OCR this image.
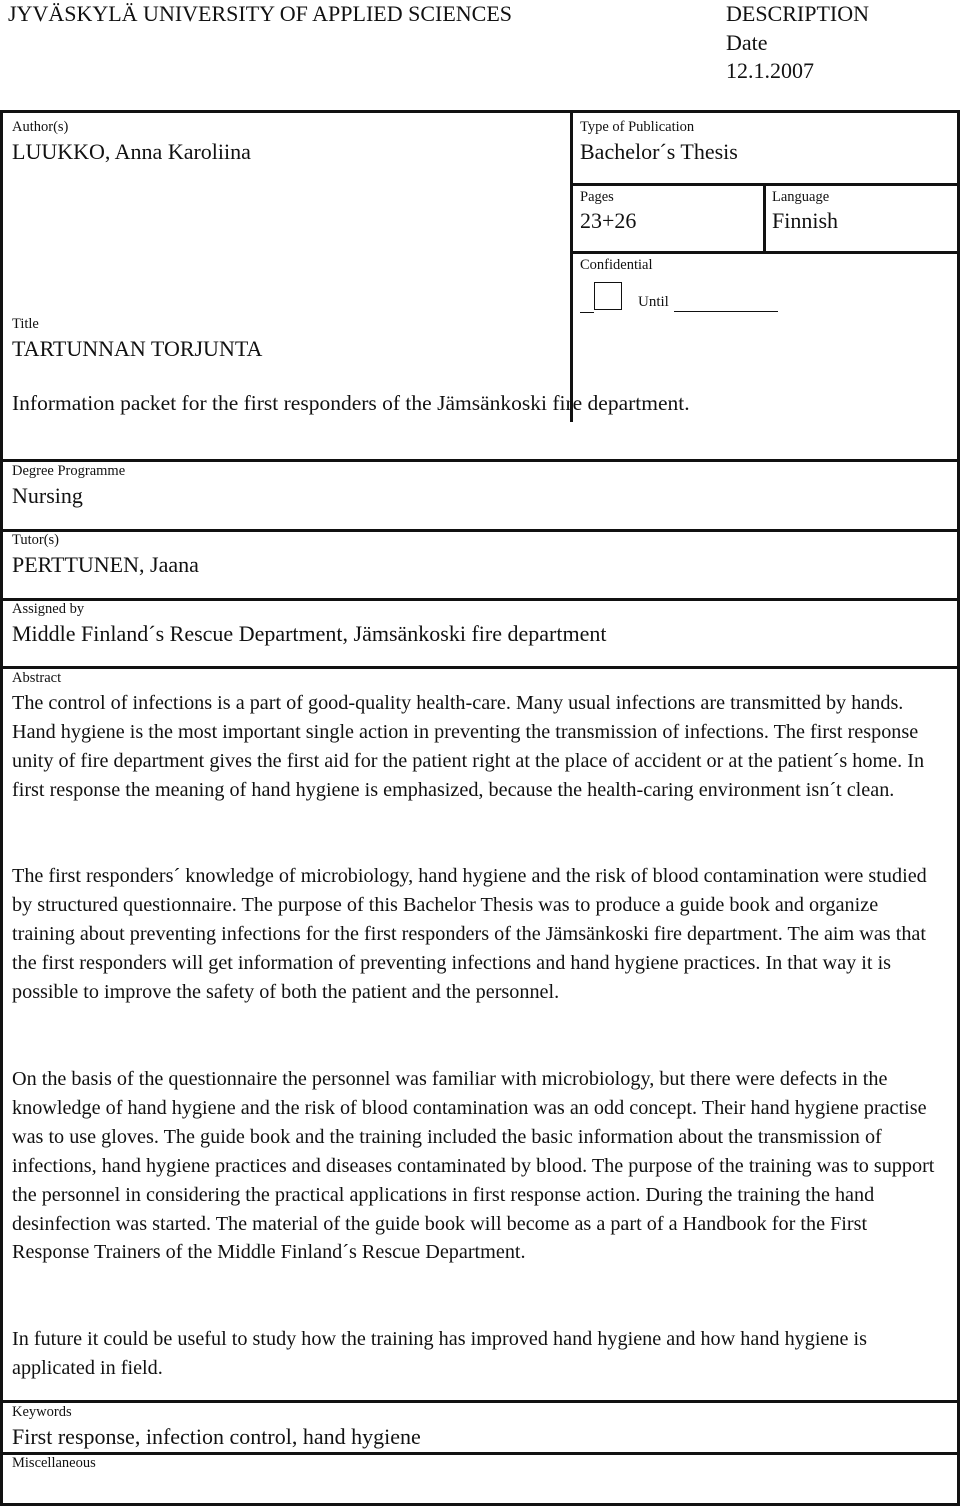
JYVÄSKYLÄ UNIVERSITY OF APPLIED SCIENCES	DESCRIPTION
Date
12.1.2007
Author(s)
LUUKKO, Anna Karoliina
Type of Publication
Bachelor´s Thesis
Pages
23+26
Language
Finnish
Confidential
Until
Title
TARTUNNAN TORJUNTA
Information packet for the first responders of the Jämsänkoski fire department.
Degree Programme
Nursing
Tutor(s)
PERTTUNEN, Jaana
Assigned by
Middle Finland´s Rescue Department, Jämsänkoski fire department
Abstract
The control of infections is a part of good-quality health-care. Many usual infections are transmitted by hands. Hand hygiene is the most important single action in preventing the transmission of infections. The first response unity of fire department gives the first aid for the patient right at the place of accident or at the patient´s home. In first response the meaning of hand hygiene is emphasized, because the health-caring environment isn´t clean.
The first responders´ knowledge of microbiology, hand hygiene and the risk of blood contamination were studied by structured questionnaire. The purpose of this Bachelor Thesis was to produce a guide book and organize training about preventing infections for the first responders of the Jämsänkoski fire department. The aim was that the first responders will get information of preventing infections and hand hygiene practices. In that way it is possible to improve the safety of both the patient and the personnel.
On the basis of the questionnaire the personnel was familiar with microbiology, but there were defects in the knowledge of hand hygiene and the risk of blood contamination was an odd concept. Their hand hygiene practise was to use gloves. The guide book and the training included the basic information about the transmission of infections, hand hygiene practices and diseases contaminated by blood. The purpose of the training was to support the personnel in considering the practical applications in first response action. During the training the hand desinfection was started. The material of the guide book will become as a part of a Handbook for the First Response Trainers of the Middle Finland´s Rescue Department.
In future it could be useful to study how the training has improved hand hygiene and how hand hygiene is applicated in field.
Keywords
First response, infection control, hand hygiene
Miscellaneous
